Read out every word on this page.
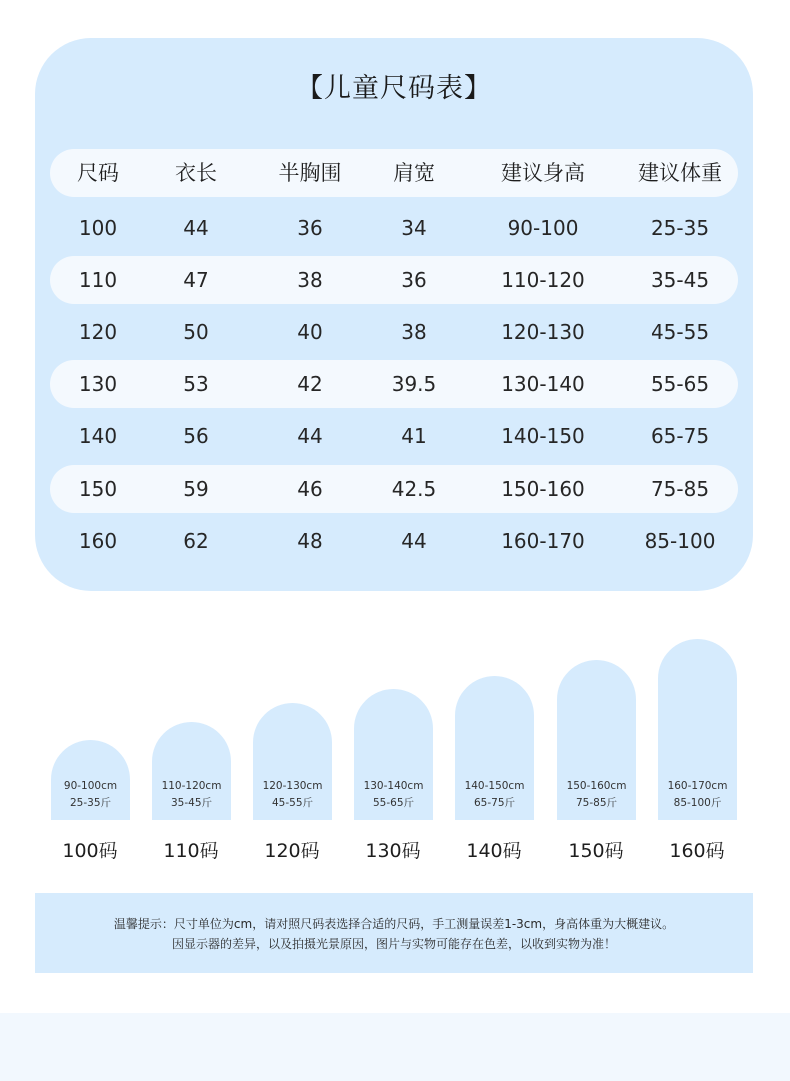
【儿童尺码表】
尺码	衣长	半胸围	肩宽	建议身高	建议体重
100	44	36	34	90-100	25-35
110	47	38	36	110-120	35-45
120	50	40	38	120-130	45-55
130	53	42	39.5	130-140	55-65
140	56	44	41	140-150	65-75
150	59	46	42.5	150-160	75-85
160	62	48	44	160-170	85-100
90-100cm
25-35斤
110-120cm
35-45斤
120-130cm
45-55斤
130-140cm
55-65斤
140-150cm
65-75斤
150-160cm
75-85斤
160-170cm
85-100斤
100码	110码	120码	130码	140码	150码	160码
温馨提示：尺寸单位为cm，请对照尺码表选择合适的尺码，手工测量误差1-3cm，身高体重为大概建议。
因显示器的差异，以及拍摄光景原因，图片与实物可能存在色差，以收到实物为准！
